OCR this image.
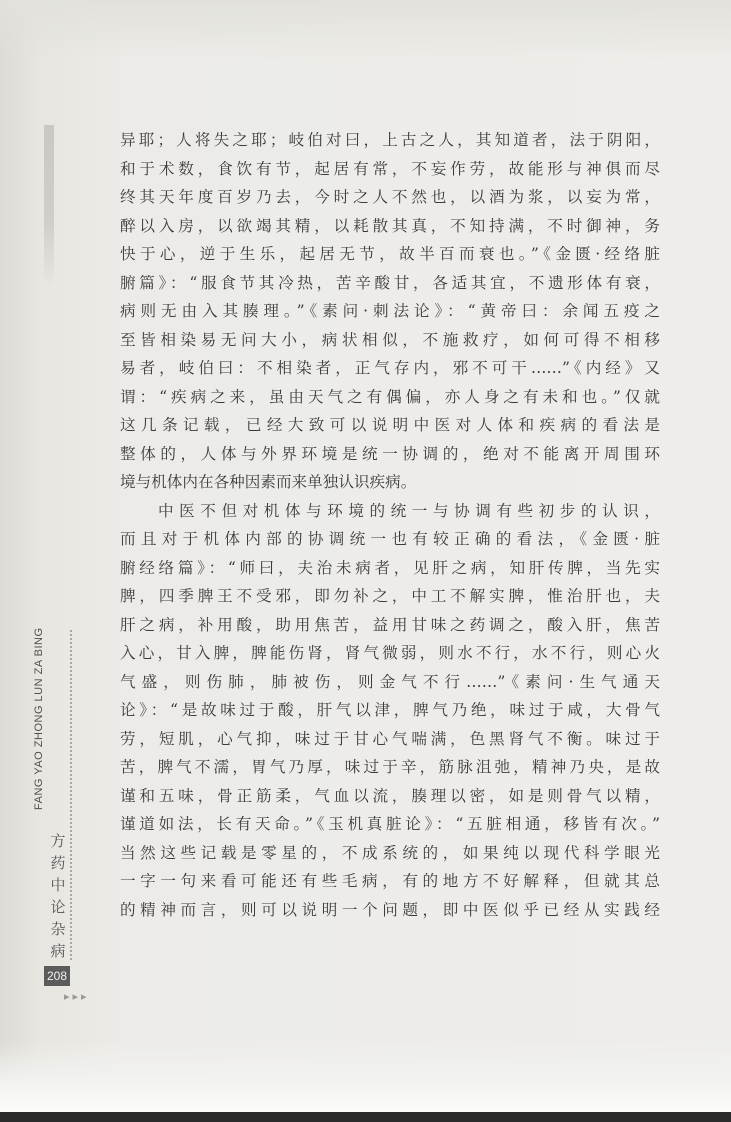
FANG YAO ZHONG LUN ZA BING
方药中论杂病
208
▸▸▸
异耶；人将失之耶；岐伯对曰，上古之人，其知道者，法于阴阳，
和于术数，食饮有节，起居有常，不妄作劳，故能形与神俱而尽
终其天年度百岁乃去，今时之人不然也，以酒为浆，以妄为常，
醉以入房，以欲竭其精，以耗散其真，不知持满，不时御神，务
快于心，逆于生乐，起居无节，故半百而衰也。”《金匮·经络脏
腑篇》：“服食节其冷热，苦辛酸甘，各适其宜，不遗形体有衰，
病则无由入其腠理。”《素问·刺法论》：“黄帝曰：余闻五疫之
至皆相染易无问大小，病状相似，不施救疗，如何可得不相移
易者，岐伯曰：不相染者，正气存内，邪不可干……”《内经》又
谓：“疾病之来，虽由天气之有偶偏，亦人身之有未和也。”仅就
这几条记载，已经大致可以说明中医对人体和疾病的看法是
整体的，人体与外界环境是统一协调的，绝对不能离开周围环
境与机体内在各种因素而来单独认识疾病。
中医不但对机体与环境的统一与协调有些初步的认识，
而且对于机体内部的协调统一也有较正确的看法，《金匮·脏
腑经络篇》：“师曰，夫治未病者，见肝之病，知肝传脾，当先实
脾，四季脾王不受邪，即勿补之，中工不解实脾，惟治肝也，夫
肝之病，补用酸，助用焦苦，益用甘味之药调之，酸入肝，焦苦
入心，甘入脾，脾能伤肾，肾气微弱，则水不行，水不行，则心火
气盛，则伤肺，肺被伤，则金气不行……”《素问·生气通天
论》：“是故味过于酸，肝气以津，脾气乃绝，味过于咸，大骨气
劳，短肌，心气抑，味过于甘心气喘满，色黑肾气不衡。味过于
苦，脾气不濡，胃气乃厚，味过于辛，筋脉沮弛，精神乃央，是故
谨和五味，骨正筋柔，气血以流，腠理以密，如是则骨气以精，
谨道如法，长有天命。”《玉机真脏论》：“五脏相通，移皆有次。”
当然这些记载是零星的，不成系统的，如果纯以现代科学眼光
一字一句来看可能还有些毛病，有的地方不好解释，但就其总
的精神而言，则可以说明一个问题，即中医似乎已经从实践经
